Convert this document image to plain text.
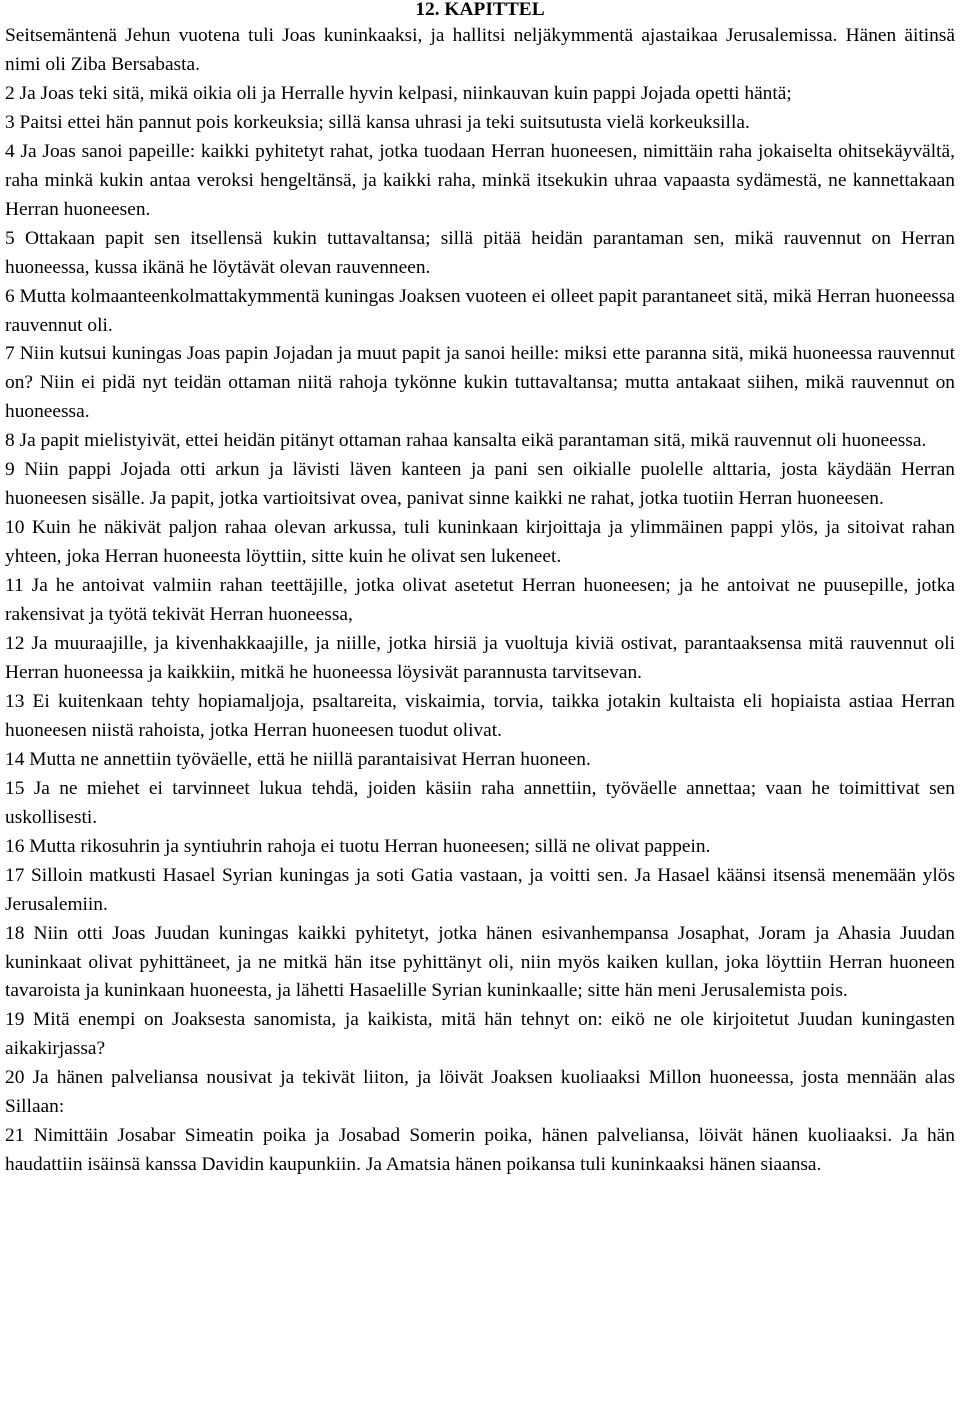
12. KAPITTEL

Seitsemäntenä Jehun vuotena tuli Joas kuninkaaksi, ja hallitsi neljäkymmentä ajastaikaa Jerusalemissa. Hänen äitinsä nimi oli Ziba Bersabasta.

2 Ja Joas teki sitä, mikä oikia oli ja Herralle hyvin kelpasi, niinkauvan kuin pappi Jojada opetti häntä;

3 Paitsi ettei hän pannut pois korkeuksia; sillä kansa uhrasi ja teki suitsutusta vielä korkeuksilla.

4 Ja Joas sanoi papeille: kaikki pyhitetyt rahat, jotka tuodaan Herran huoneesen, nimittäin raha jokaiselta ohitsekäyvältä, raha minkä kukin antaa veroksi hengeltänsä, ja kaikki raha, minkä itsekukin uhraa vapaasta sydämestä, ne kannettakaan Herran huoneesen.

5 Ottakaan papit sen itsellensä kukin tuttavaltansa; sillä pitää heidän parantaman sen, mikä rauvennut on Herran huoneessa, kussa ikänä he löytävät olevan rauvenneen.

6 Mutta kolmaanteenkolmattakymmentä kuningas Joaksen vuoteen ei olleet papit parantaneet sitä, mikä Herran huoneessa rauvennut oli.

7 Niin kutsui kuningas Joas papin Jojadan ja muut papit ja sanoi heille: miksi ette paranna sitä, mikä huoneessa rauvennut on? Niin ei pidä nyt teidän ottaman niitä rahoja tykönne kukin tuttavaltansa; mutta antakaat siihen, mikä rauvennut on huoneessa.

8 Ja papit mielistyivät, ettei heidän pitänyt ottaman rahaa kansalta eikä parantaman sitä, mikä rauvennut oli huoneessa.

9 Niin pappi Jojada otti arkun ja lävisti läven kanteen ja pani sen oikialle puolelle alttaria, josta käydään Herran huoneesen sisälle. Ja papit, jotka vartioitsivat ovea, panivat sinne kaikki ne rahat, jotka tuotiin Herran huoneesen.

10 Kuin he näkivät paljon rahaa olevan arkussa, tuli kuninkaan kirjoittaja ja ylimmäinen pappi ylös, ja sitoivat rahan yhteen, joka Herran huoneesta löyttiin, sitte kuin he olivat sen lukeneet.

11 Ja he antoivat valmiin rahan teettäjille, jotka olivat asetetut Herran huoneesen; ja he antoivat ne puusepille, jotka rakensivat ja työtä tekivät Herran huoneessa,

12 Ja muuraajille, ja kivenhakkaajille, ja niille, jotka hirsiä ja vuoltuja kiviä ostivat, parantaaksensa mitä rauvennut oli Herran huoneessa ja kaikkiin, mitkä he huoneessa löysivät parannusta tarvitsevan.

13 Ei kuitenkaan tehty hopiamaljoja, psaltareita, viskaimia, torvia, taikka jotakin kultaista eli hopiaista astiaa Herran huoneesen niistä rahoista, jotka Herran huoneesen tuodut olivat.

14 Mutta ne annettiin työväelle, että he niillä parantaisivat Herran huoneen.

15 Ja ne miehet ei tarvinneet lukua tehdä, joiden käsiin raha annettiin, työväelle annettaa; vaan he toimittivat sen uskollisesti.

16 Mutta rikosuhrin ja syntiuhrin rahoja ei tuotu Herran huoneesen; sillä ne olivat pappein.

17 Silloin matkusti Hasael Syrian kuningas ja soti Gatia vastaan, ja voitti sen. Ja Hasael käänsi itsensä menemään ylös Jerusalemiin.

18 Niin otti Joas Juudan kuningas kaikki pyhitetyt, jotka hänen esivanhempansa Josaphat, Joram ja Ahasia Juudan kuninkaat olivat pyhittäneet, ja ne mitkä hän itse pyhittänyt oli, niin myös kaiken kullan, joka löyttiin Herran huoneen tavaroista ja kuninkaan huoneesta, ja lähetti Hasaelille Syrian kuninkaalle; sitte hän meni Jerusalemista pois.

19 Mitä enempi on Joaksesta sanomista, ja kaikista, mitä hän tehnyt on: eikö ne ole kirjoitetut Juudan kuningasten aikakirjassa?

20 Ja hänen palveliansa nousivat ja tekivät liiton, ja löivät Joaksen kuoliaaksi Millon huoneessa, josta mennään alas Sillaan:

21 Nimittäin Josabar Simeatin poika ja Josabad Somerin poika, hänen palveliansa, löivät hänen kuoliaaksi. Ja hän haudattiin isäinsä kanssa Davidin kaupunkiin. Ja Amatsia hänen poikansa tuli kuninkaaksi hänen siaansa.
